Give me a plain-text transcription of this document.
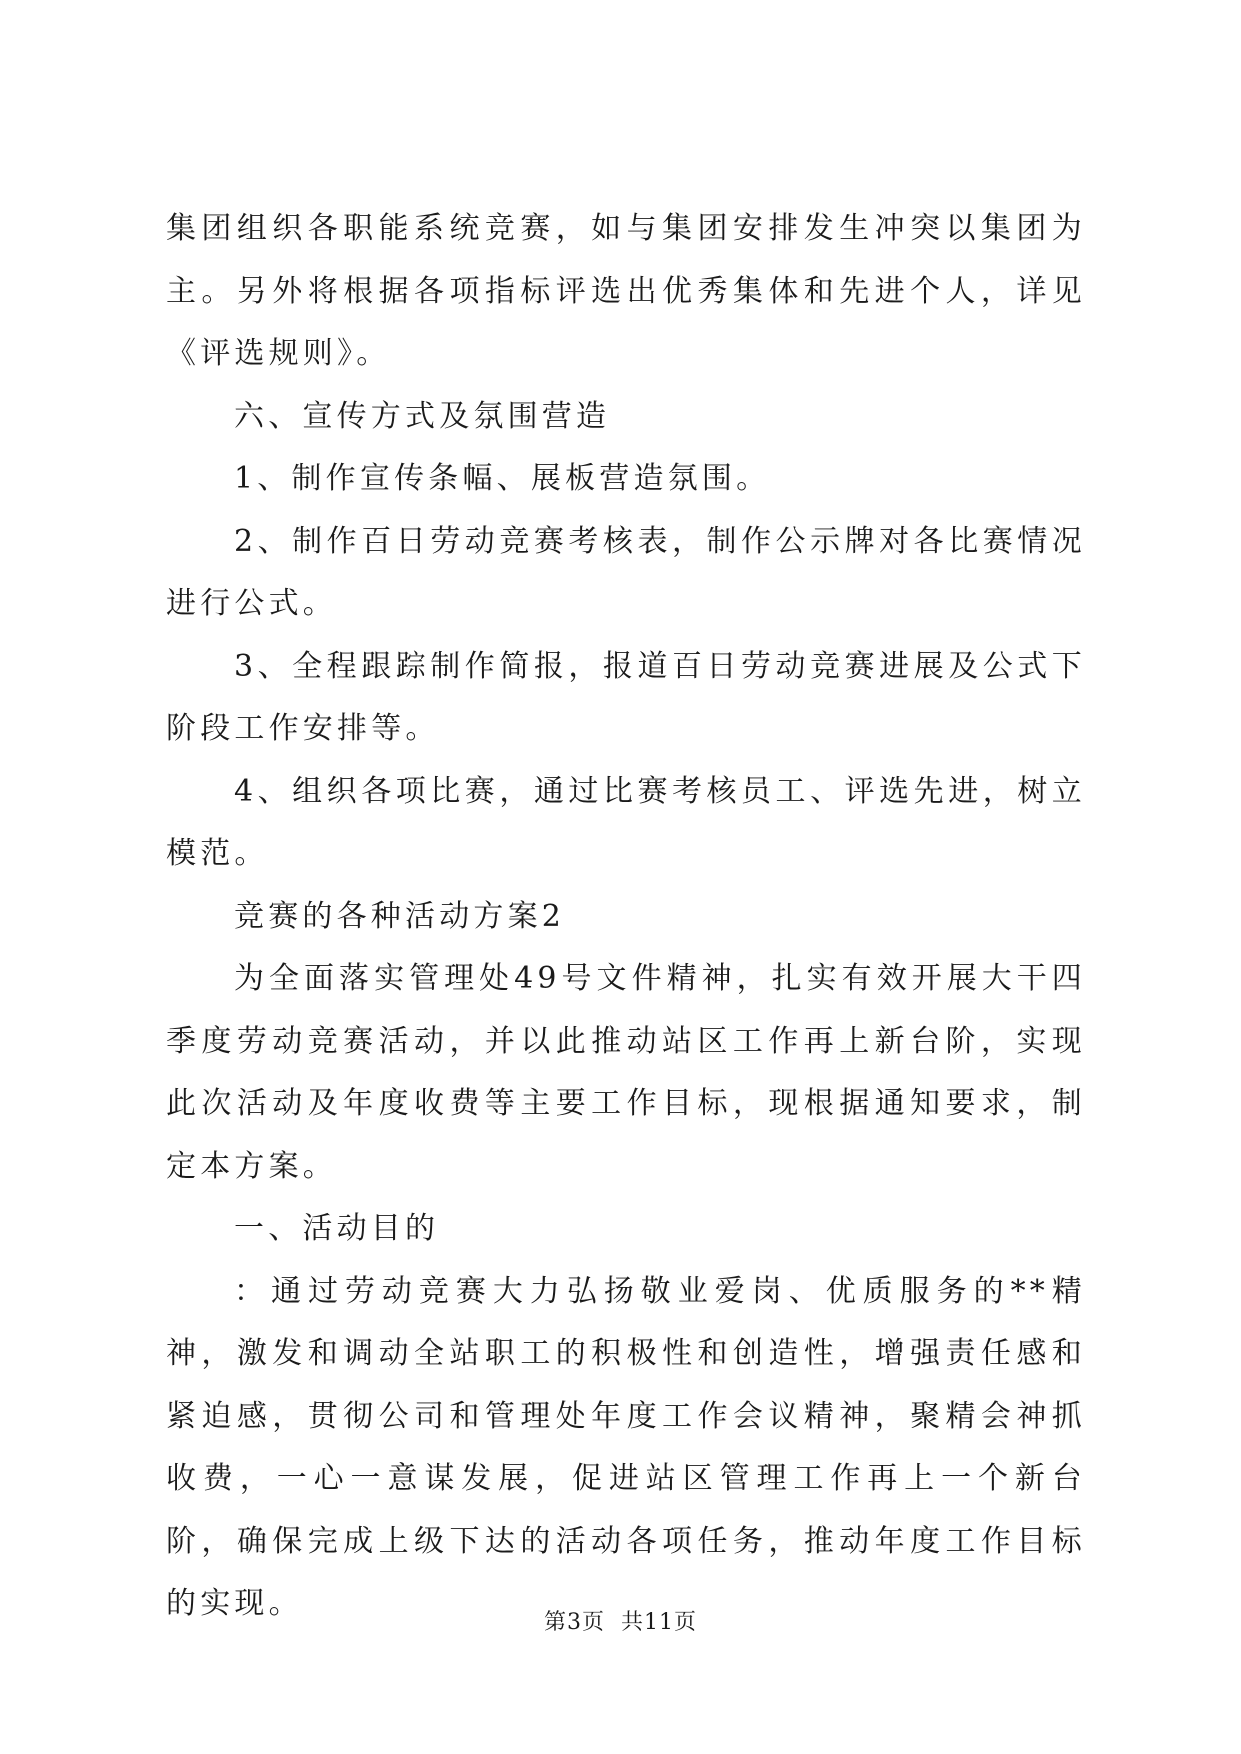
集团组织各职能系统竞赛，如与集团安排发生冲突以集团为主。另外将根据各项指标评选出优秀集体和先进个人，详见《评选规则》。

六、宣传方式及氛围营造

1、制作宣传条幅、展板营造氛围。

2、制作百日劳动竞赛考核表，制作公示牌对各比赛情况进行公式。

3、全程跟踪制作简报，报道百日劳动竞赛进展及公式下阶段工作安排等。

4、组织各项比赛，通过比赛考核员工、评选先进，树立模范。

竞赛的各种活动方案2

为全面落实管理处49号文件精神，扎实有效开展大干四季度劳动竞赛活动，并以此推动站区工作再上新台阶，实现此次活动及年度收费等主要工作目标，现根据通知要求，制定本方案。

一、活动目的

：通过劳动竞赛大力弘扬敬业爱岗、优质服务的**精神，激发和调动全站职工的积极性和创造性，增强责任感和紧迫感，贯彻公司和管理处年度工作会议精神，聚精会神抓收费，一心一意谋发展，促进站区管理工作再上一个新台阶，确保完成上级下达的活动各项任务，推动年度工作目标的实现。

第3页 共11页
